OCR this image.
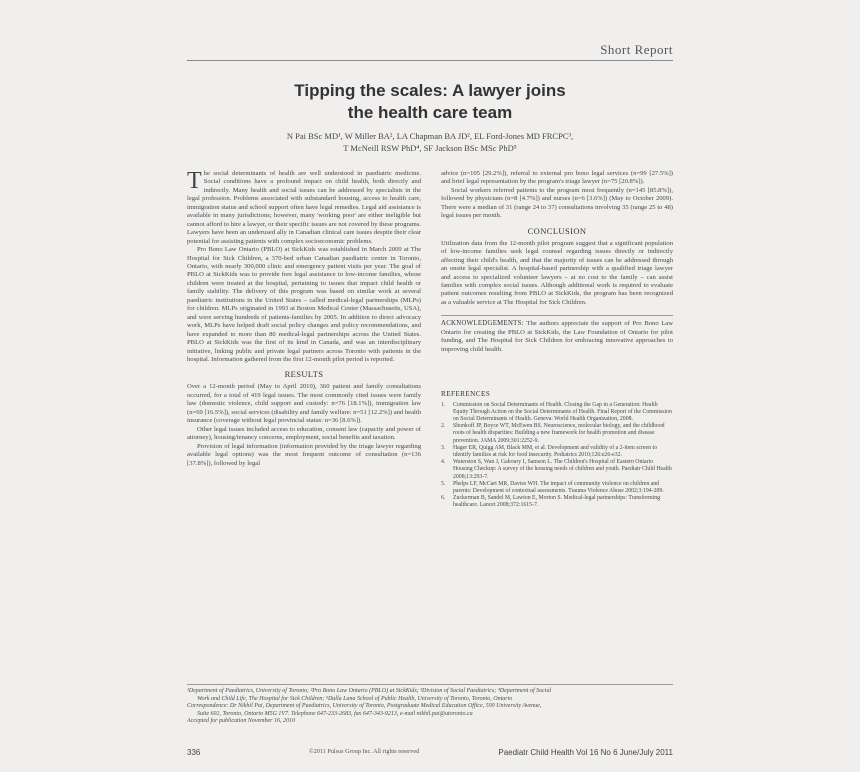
Short Report
Tipping the scales: A lawyer joins
the health care team
N Pai BSc MD¹, W Miller BA², LA Chapman BA JD², EL Ford-Jones MD FRCPC³,
T McNeill RSW PhD⁴, SF Jackson BSc MSc PhD⁵

The social determinants of health are well understood in paediatric medicine. Social conditions have a profound impact on child health, both directly and indirectly. Many health and social issues can be addressed by specialists in the legal profession. Problems associated with substandard housing, access to health care, immigration status and school support often have legal remedies. Legal aid assistance is available in many jurisdictions; however, many 'working poor' are either ineligible but cannot afford to hire a lawyer, or their specific issues are not covered by these programs. Lawyers have been an underused ally in Canadian clinical care issues despite their clear potential for assisting patients with complex socioeconomic problems.

Pro Bono Law Ontario (PBLO) at SickKids was established in March 2009 at The Hospital for Sick Children, a 370-bed urban Canadian paediatric centre in Toronto, Ontario, with nearly 300,000 clinic and emergency patient visits per year. The goal of PBLO at SickKids was to provide free legal assistance to low-income families, whose children were treated at the hospital, pertaining to issues that impact child health or family stability. The delivery of this program was based on similar work at several paediatric institutions in the United States – called medical-legal partnerships (MLPs) for children. MLPs originated in 1993 at Boston Medical Center (Massachusetts, USA), and were serving hundreds of patients-families by 2005. In addition to direct advocacy work, MLPs have helped draft social policy changes and policy recommendations, and have expanded to more than 80 medical-legal partnerships across the United States. PBLO at SickKids was the first of its kind in Canada, and was an interdisciplinary initiative, linking public and private legal partners across Toronto with patients in the hospital. Information gathered from the first 12-month pilot period is reported.

RESULTS

Over a 12-month period (May to April 2010), 360 patient and family consultations occurred, for a total of 419 legal issues. The most commonly cited issues were family law (domestic violence, child support and custody: n=76 [18.1%]), immigration law (n=69 [16.5%]), social services (disability and family welfare: n=51 [12.2%]) and health insurance (coverage without legal provincial status: n=36 [8.6%]).

Other legal issues included access to education, consent law (capacity and power of attorney), housing/tenancy concerns, employment, social benefits and taxation.

Provision of legal information (information provided by the triage lawyer regarding available legal options) was the most frequent outcome of consultation (n=136 [37.8%]), followed by legal

advice (n=105 [29.2%]), referral to external pro bono legal services (n=99 [27.5%]) and brief legal representation by the program's triage lawyer (n=75 [20.8%]).

Social workers referred patients to the program most frequently (n=145 [85.8%]), followed by physicians (n=8 [4.7%]) and nurses (n=6 [3.6%]) (May to October 2009). There were a median of 31 (range 24 to 37) consultations involving 35 (range 25 to 48) legal issues per month.

CONCLUSION

Utilization data from the 12-month pilot program suggest that a significant population of low-income families seek legal counsel regarding issues directly or indirectly affecting their child's health, and that the majority of issues can be addressed through an onsite legal specialist. A hospital-based partnership with a qualified triage lawyer and access to specialized volunteer lawyers – at no cost to the family – can assist families with complex social issues. Although additional work is required to evaluate patient outcomes resulting from PBLO at SickKids, the program has been recognized as a valuable service at The Hospital for Sick Children.

ACKNOWLEDGEMENTS: The authors appreciate the support of Pro Bono Law Ontario for creating the PBLO at SickKids, the Law Foundation of Ontario for pilot funding, and The Hospital for Sick Children for embracing innovative approaches to improving child health.

REFERENCES
1. Commission on Social Determinants of Health. Closing the Gap in a Generation: Health Equity Through Action on the Social Determinants of Health. Final Report of the Commission on Social Determinants of Health. Geneva: World Health Organization, 2008.
2. Shonkoff JP, Boyce WT, McEwen BS. Neuroscience, molecular biology, and the childhood roots of health disparities: Building a new framework for health promotion and disease prevention. JAMA 2009;301:2252-9.
3. Hager ER, Quigg AM, Black MM, et al. Development and validity of a 2-item screen to identify families at risk for food insecurity. Pediatrics 2010;126:e26-e32.
4. Waterston S, Wan J, Gaboury I, Samson L. The Children's Hospital of Eastern Ontario Housing Checkup: A survey of the housing needs of children and youth. Paediatr Child Health 2008;13:293-7.
5. Phelps LF, McCart MR, Davies WH. The impact of community violence on children and parents: Development of contextual assessments. Trauma Violence Abuse 2002;3:194-209.
6. Zuckerman B, Sandel M, Lawton E, Morton S. Medical-legal partnerships: Transforming healthcare. Lancet 2008;372:1615-7.

¹Department of Paediatrics, University of Toronto; ²Pro Bono Law Ontario (PBLO) at SickKids; ³Division of Social Paediatrics; ⁴Department of Social

Work and Child Life, The Hospital for Sick Children; ⁵Dalla Lana School of Public Health, University of Toronto, Toronto, Ontario

Correspondence: Dr Nikhil Pai, Department of Paediatrics, University of Toronto, Postgraduate Medical Education Office, 500 University Avenue,

Suite 602, Toronto, Ontario M5G 1V7. Telephone 647-233-2683, fax 647-343-9213, e-mail nikhil.pai@utoronto.ca

Accepted for publication November 16, 2010

336	©2011 Pulsus Group Inc. All rights reserved	Paediatr Child Health Vol 16 No 6 June/July 2011
